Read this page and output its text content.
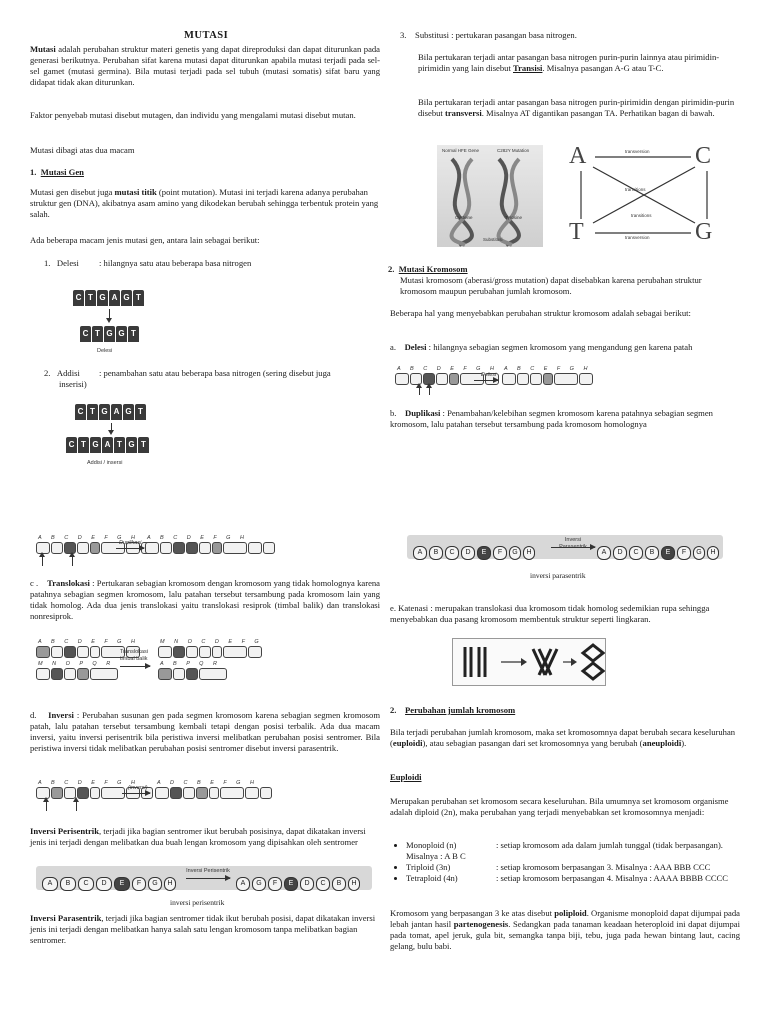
MUTASI
Mutasi adalah perubahan struktur materi genetis yang dapat direproduksi dan dapat diturunkan pada generasi berikutnya. Perubahan sifat karena mutasi dapat diturunkan apabila mutasi terjadi pada sel-sel gamet (mutasi germina). Bila mutasi terjadi pada sel tubuh (mutasi somatis) sifat baru yang didapat tidak akan diturunkan.
Faktor penyebab mutasi disebut mutagen, dan individu yang mengalami mutasi disebut mutan.
Mutasi dibagi atas dua macam
1. Mutasi Gen
Mutasi gen disebut juga mutasi titik (point mutation). Mutasi ini terjadi karena adanya perubahan struktur gen (DNA), akibatnya asam amino yang dikodekan berubah sehingga terbentuk protein yang salah.
Ada beberapa macam jenis mutasi gen, antara lain sebagai berikut:
1. Delesi : hilangnya satu atau beberapa basa nitrogen
C T G A G T
C T G G T
Delesi
2. Addisi : penambahan satu atau beberapa basa nitrogen (sering disebut juga
inserisi)
C T G A G T
C T G A T G T
Addisi / insersi
A B C D E F G H
Duplikasi
A B C D E F G H
c . Translokasi : Pertukaran sebagian kromosom dengan kromosom yang tidak homolognya karena patahnya sebagian segmen kromosom, lalu patahan tersebut tersambung pada kromosom lain yang tidak homolog. Ada dua jenis translokasi yaitu translokasi resiprok (timbal balik) dan translokasi nonresiprok.
A B C D E F G H
M N O P Q R
Translokasi timbal balik
M N O C D E F G
A B P Q R
d. Inversi : Perubahan susunan gen pada segmen kromosom karena sebagian segmen kromosom patah, lalu patahan tersebut tersambung kembali tetapi dengan posisi terbalik. Ada dua macam inversi, yaitu inversi perisentrik bila peristiwa inversi melibatkan perubahan posisi sentromer. Bila peristiwa inversi tidak melibatkan perubahan posisi sentromer disebut inversi parasentrik.
A B C D E F G H
(inversi)
A D C B E F G H
Inversi Perisentrik, terjadi jika bagian sentromer ikut berubah posisinya, dapat dikatakan inversi jenis ini terjadi dengan melibatkan dua buah lengan kromosom yang dipisahkan oleh sentromer
A B C D E F G H
Inversi Perisentrik
A G F E D C B H
inversi perisentrik
Inversi Parasentrik, terjadi jika bagian sentromer tidak ikut berubah posisi, dapat dikatakan inversi jenis ini terjadi dengan melibatkan hanya salah satu lengan kromosom tanpa melibatkan bagian sentromer.
3. Substitusi : pertukaran pasangan basa nitrogen.
Bila pertukaran terjadi antar pasangan basa nitrogen purin-purin lainnya atau pirimidin-pirimidin yang lain disebut Transisi. Misalnya pasangan A-G atau T-C.
Bila pertukaran terjadi antar pasangan basa nitrogen purin-pirimidin dengan pirimidin-purin disebut transversi. Misalnya AT digantikan pasangan TA. Perhatikan bagan di bawah.
Normal HFE Gene	C282Y Mutation
Cysteine	Tyrosine
Substitusi
A	C
T	G
transversion
transversion
transitions
transitions
2. Mutasi Kromosom
Mutasi kromosom (aberasi/gross mutation) dapat disebabkan karena perubahan struktur kromosom maupun perubahan jumlah kromosom.
Beberapa hal yang menyebabkan perubahan struktur kromosom adalah sebagai berikut:
a. Delesi : hilangnya sebagian segmen kromosom yang mengandung gen karena patah
A B C D E F G H
Delesi
A B C E F G H
b. Duplikasi : Penambahan/kelebihan segmen kromosom karena patahnya sebagian segmen kromosom, lalu patahan tersebut tersambung pada kromosom homolognya
A B C D E F G H
Inversi
A D C B E F G H
inversi parasentrik
e. Katenasi : merupakan translokasi dua kromosom tidak homolog sedemikian rupa sehingga menyebabkan dua pasang kromosom membentuk struktur seperti lingkaran.
2. Perubahan jumlah kromosom
Bila terjadi perubahan jumlah kromosom, maka set kromosomnya dapat berubah secara keseluruhan (euploidi), atau sebagian pasangan dari set kromosomnya yang berubah (aneuploidi).
Euploidi
Merupakan perubahan set kromosom secara keseluruhan. Bila umumnya set kromosom organisme adalah diploid (2n), maka perubahan yang terjadi menyebabkan set kromosomnya menjadi:
• Monoploid (n)	: setiap kromosom ada dalam jumlah tunggal (tidak berpasangan). Misalnya : A B C
• Triploid (3n)	: setiap kromosom berpasangan 3. Misalnya : AAA BBB CCC
• Tetraploid (4n)	: setiap kromosom berpasangan 4. Misalnya : AAAA BBBB CCCC
Kromosom yang berpasangan 3 ke atas disebut poliploid. Organisme monoploid dapat dijumpai pada lebah jantan hasil partenogenesis. Sedangkan pada tanaman keadaan heteroploid ini dapat dijumpai pada tomat, apel jeruk, gula bit, semangka tanpa biji, tebu, juga pada hewan bintang laut, cacing gelang, bulu babi.
